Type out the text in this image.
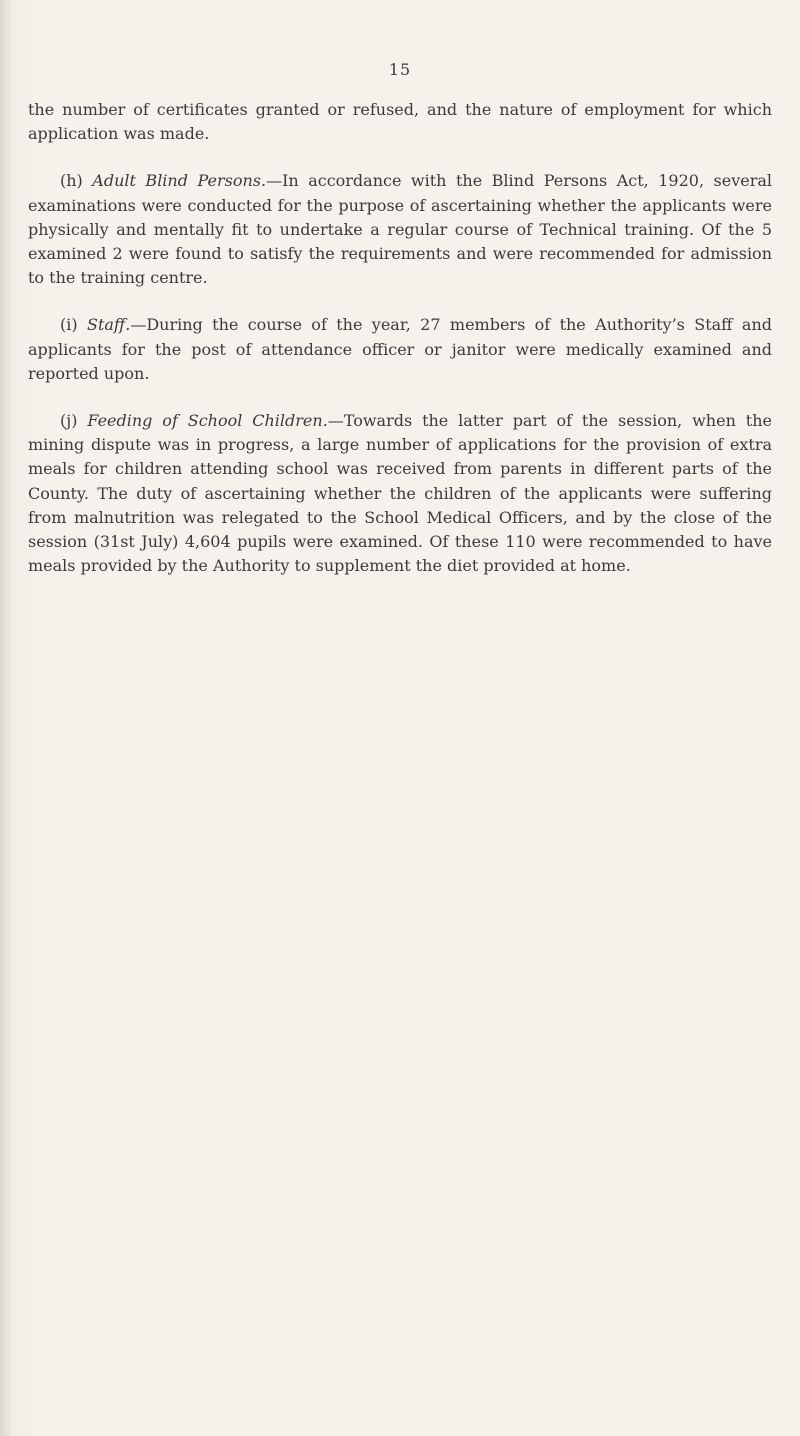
15

the number of certificates granted or refused, and the nature of employment for which application was made.

(h) Adult Blind Persons.—In accordance with the Blind Persons Act, 1920, several examinations were conducted for the purpose of ascertaining whether the applicants were physically and mentally fit to undertake a regular course of Technical training. Of the 5 examined 2 were found to satisfy the requirements and were recommended for admission to the training centre.

(i) Staff.—During the course of the year, 27 members of the Authority’s Staff and applicants for the post of attendance officer or janitor were medically examined and reported upon.

(j) Feeding of School Children.—Towards the latter part of the session, when the mining dispute was in progress, a large number of applications for the provision of extra meals for children attending school was received from parents in different parts of the County. The duty of ascertaining whether the children of the applicants were suffering from malnutrition was relegated to the School Medical Officers, and by the close of the session (31st July) 4,604 pupils were examined. Of these 110 were recommended to have meals provided by the Authority to supplement the diet provided at home.
